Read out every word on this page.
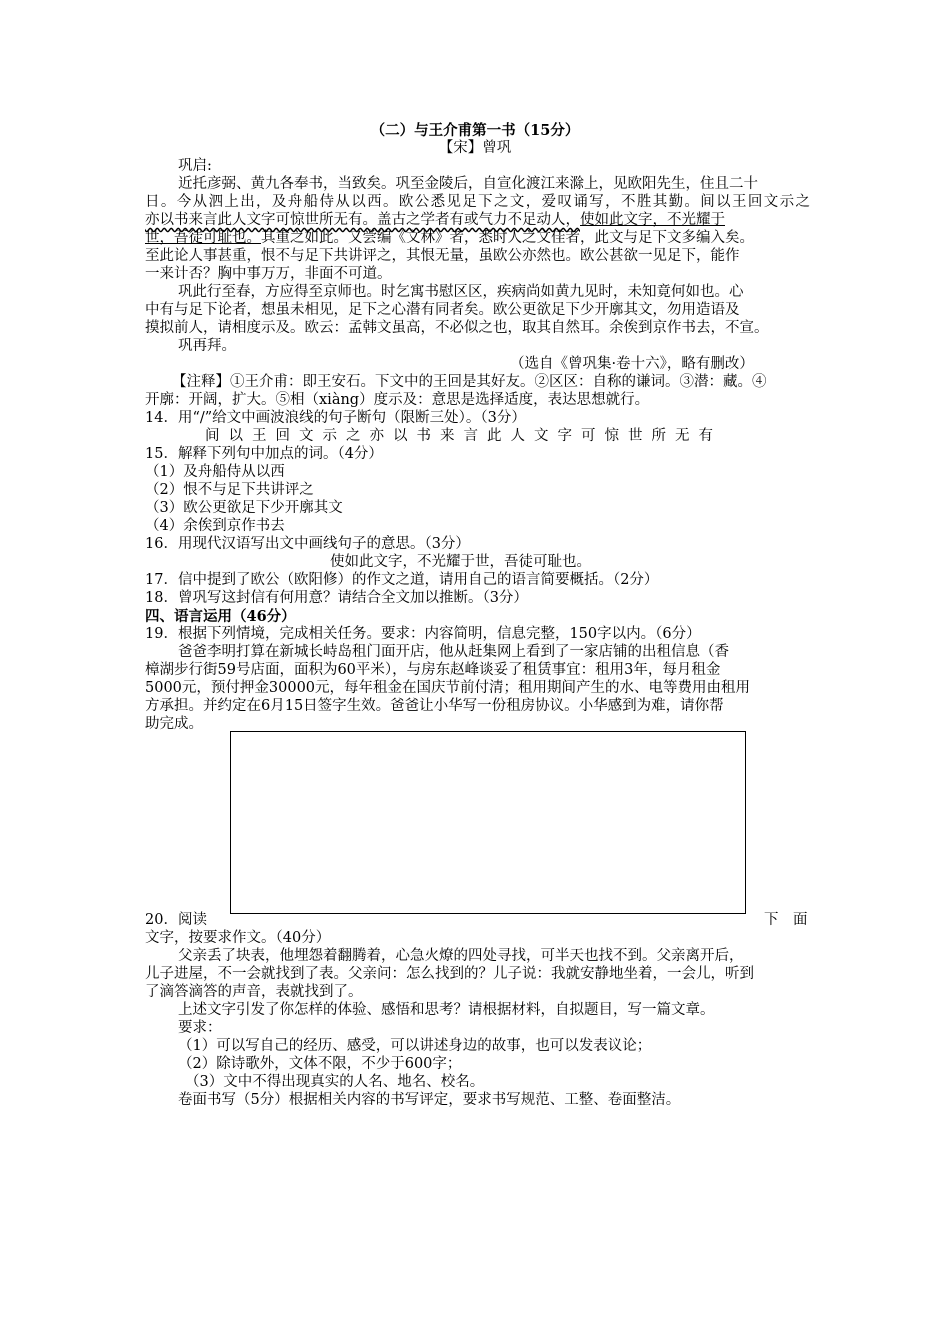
（二）与王介甫第一书（15分）
【宋】曾巩
巩启:
近托彦弼、黄九各奉书，当致矣。巩至金陵后，自宣化渡江来滁上，见欧阳先生，住且二十
日。今从泗上出，及舟船侍从以西。欧公悉见足下之文，爱叹诵写，不胜其勤。间以王回文示之
亦以书来言此人文字可惊世所无有。盖古之学者有或气力不足动人，使如此文字，不光耀于
世，吾徒可耻也。其重之如此。又尝编《文林》者，悉时人之文佳者，此文与足下文多编入矣。
至此论人事甚重，恨不与足下共讲评之，其恨无量，虽欧公亦然也。欧公甚欲一见足下，能作
一来计否？胸中事万万，非面不可道。
巩此行至春，方应得至京师也。时乞寓书慰区区，疾病尚如黄九见时，未知竟何如也。心
中有与足下论者，想虽未相见，足下之心潜有同者矣。欧公更欲足下少开廓其文，勿用造语及
摸拟前人，请相度示及。欧云：孟韩文虽高，不必似之也，取其自然耳。余俟到京作书去，不宣。
巩再拜。
（选自《曾巩集·卷十六》，略有删改）
【注释】①王介甫：即王安石。下文中的王回是其好友。②区区：自称的谦词。③潜：藏。④
开廓：开阔，扩大。⑤相（xiàng）度示及：意思是选择适度，表达思想就行。
14．用“/”给文中画波浪线的句子断句（限断三处）。（3分）
间以王回文示之亦以书来言此人文字可惊世所无有
15．解释下列句中加点的词。（4分）
（1）及舟船侍从以西
（2）恨不与足下共讲评之
（3）欧公更欲足下少开廓其文
（4）余俟到京作书去
16．用现代汉语写出文中画线句子的意思。（3分）
使如此文字，不光耀于世，吾徒可耻也。
17．信中提到了欧公（欧阳修）的作文之道，请用自己的语言简要概括。（2分）
18．曾巩写这封信有何用意？请结合全文加以推断。（3分）
四、语言运用（46分）
19．根据下列情境，完成相关任务。要求：内容简明，信息完整，150字以内。（6分）
爸爸李明打算在新城长峙岛租门面开店，他从赶集网上看到了一家店铺的出租信息（香
樟湖步行街59号店面，面积为60平米），与房东赵峰谈妥了租赁事宜：租用3年，每月租金
5000元，预付押金30000元，每年租金在国庆节前付清；租用期间产生的水、电等费用由租用
方承担。并约定在6月15日签字生效。爸爸让小华写一份租房协议。小华感到为难，请你帮
助完成。
20．阅读	下　面
文字，按要求作文。（40分）
父亲丢了块表，他埋怨着翻腾着，心急火燎的四处寻找，可半天也找不到。父亲离开后，
儿子进屋，不一会就找到了表。父亲问：怎么找到的？儿子说：我就安静地坐着，一会儿，听到
了滴答滴答的声音，表就找到了。
上述文字引发了你怎样的体验、感悟和思考？请根据材料，自拟题目，写一篇文章。
要求：
（1）可以写自己的经历、感受，可以讲述身边的故事，也可以发表议论；
（2）除诗歌外，文体不限，不少于600字；
（3）文中不得出现真实的人名、地名、校名。
卷面书写（5分）根据相关内容的书写评定，要求书写规范、工整、卷面整洁。
